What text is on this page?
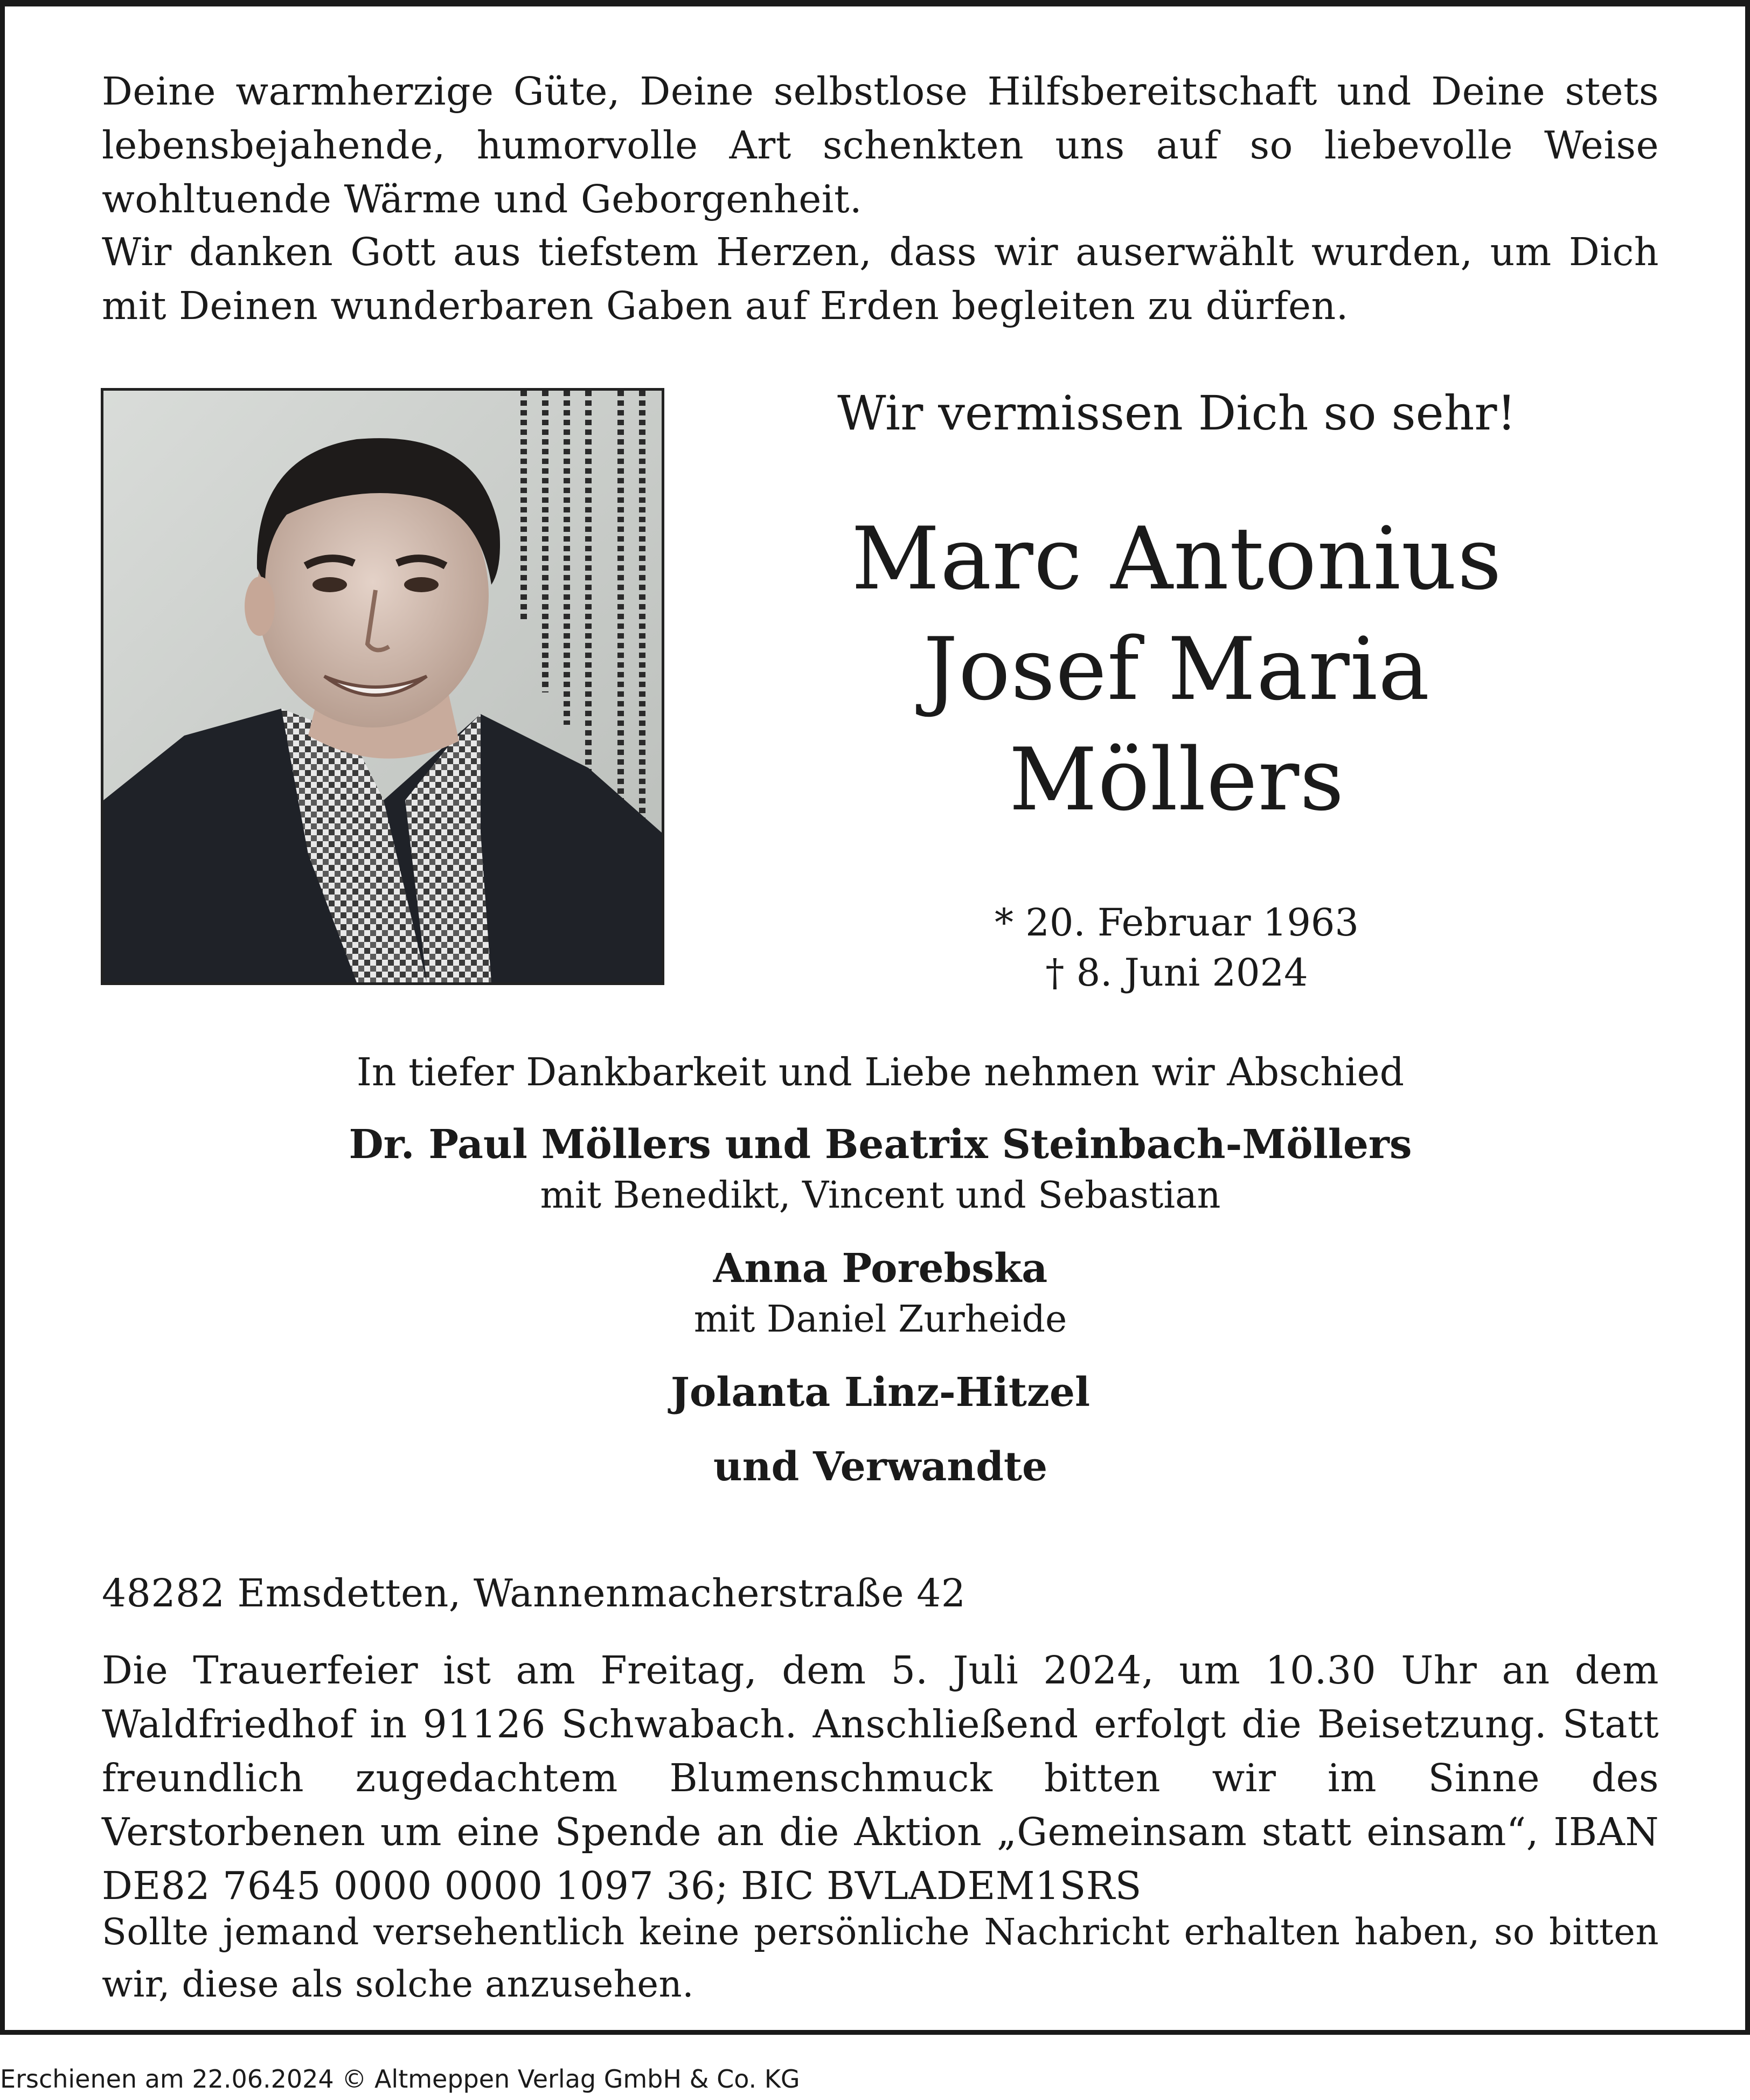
Deine warmherzige Güte, Deine selbstlose Hilfsbereitschaft und Deine stets lebensbejahende, humorvolle Art schenkten uns auf so liebevolle Weise wohltuende Wärme und Geborgenheit.

Wir danken Gott aus tiefstem Herzen, dass wir auserwählt wurden, um Dich mit Deinen wunderbaren Gaben auf Erden begleiten zu dürfen.

Wir vermissen Dich so sehr!
Marc Antonius
Josef Maria
Möllers
* 20. Februar 1963
† 8. Juni 2024
In tiefer Dankbarkeit und Liebe nehmen wir Abschied
Dr. Paul Möllers und Beatrix Steinbach-Möllers
mit Benedikt, Vincent und Sebastian
Anna Porebska
mit Daniel Zurheide
Jolanta Linz-Hitzel
und Verwandte

48282 Emsdetten, Wannenmacherstraße 42

Die Trauerfeier ist am Freitag, dem 5. Juli 2024, um 10.30 Uhr an dem Waldfriedhof in 91126 Schwabach. Anschließend erfolgt die Beisetzung. Statt freundlich zugedachtem Blumenschmuck bitten wir im Sinne des Verstorbenen um eine Spende an die Aktion „Gemeinsam statt einsam“, IBAN DE82 7645 0000 0000 1097 36; BIC BVLADEM1SRS

Sollte jemand versehentlich keine persönliche Nachricht erhalten haben, so bitten wir, diese als solche anzusehen.

Erschienen am 22.06.2024 © Altmeppen Verlag GmbH & Co. KG
